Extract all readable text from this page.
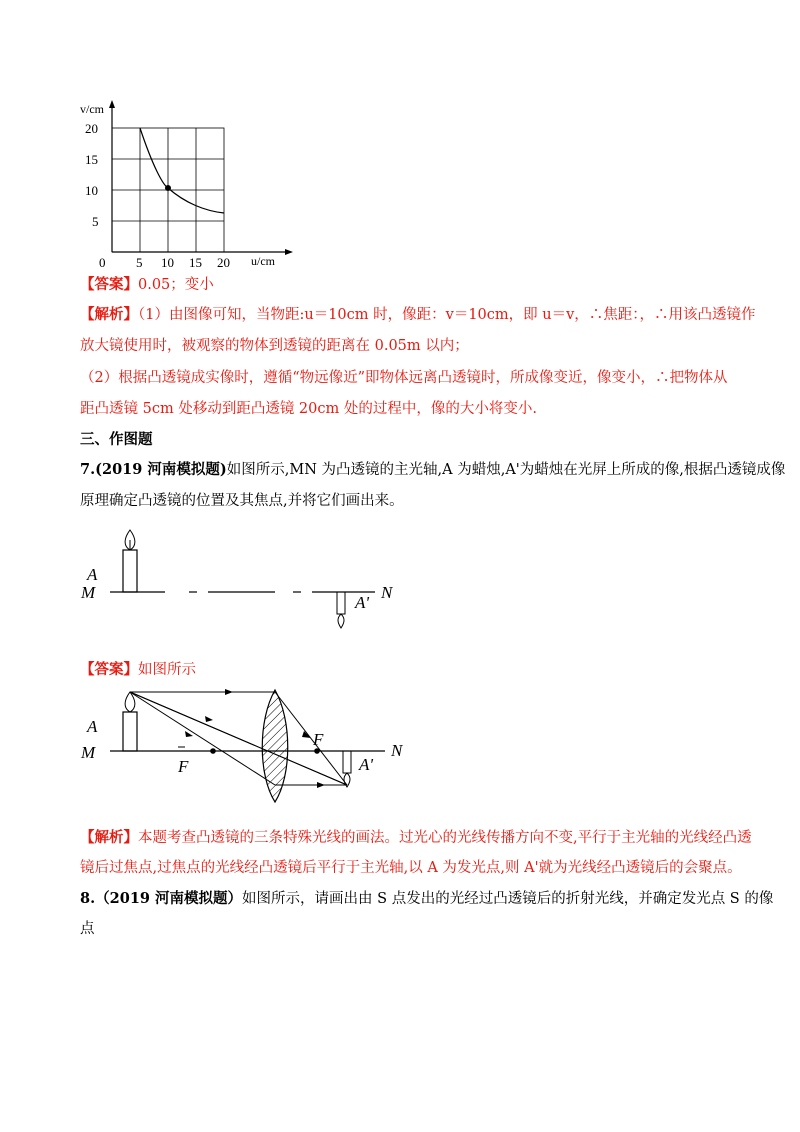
v/cm
u/cm
20
15
10
5
0 5 10 15 20
【答案】0.05；变小
【解析】（1）由图像可知，当物距:u＝10cm 时，像距：v＝10cm，即 u＝v，∴焦距：，∴用该凸透镜作
放大镜使用时，被观察的物体到透镜的距离在 0.05m 以内；
（2）根据凸透镜成实像时，遵循“物远像近”即物体远离凸透镜时，所成像变近，像变小，∴把物体从
距凸透镜 5cm 处移动到距凸透镜 20cm 处的过程中，像的大小将变小.
三、作图题
7.(2019 河南模拟题)如图所示,MN 为凸透镜的主光轴,A 为蜡烛,A'为蜡烛在光屏上所成的像,根据凸透镜成像
原理确定凸透镜的位置及其焦点,并将它们画出来。
A
M
A'
N
【答案】如图所示
A
M
F
F
A'
N
【解析】本题考查凸透镜的三条特殊光线的画法。过光心的光线传播方向不变,平行于主光轴的光线经凸透
镜后过焦点,过焦点的光线经凸透镜后平行于主光轴,以 A 为发光点,则 A'就为光线经凸透镜后的会聚点。
8.（2019 河南模拟题）如图所示，请画出由 S 点发出的光经过凸透镜后的折射光线，并确定发光点 S 的像
点
